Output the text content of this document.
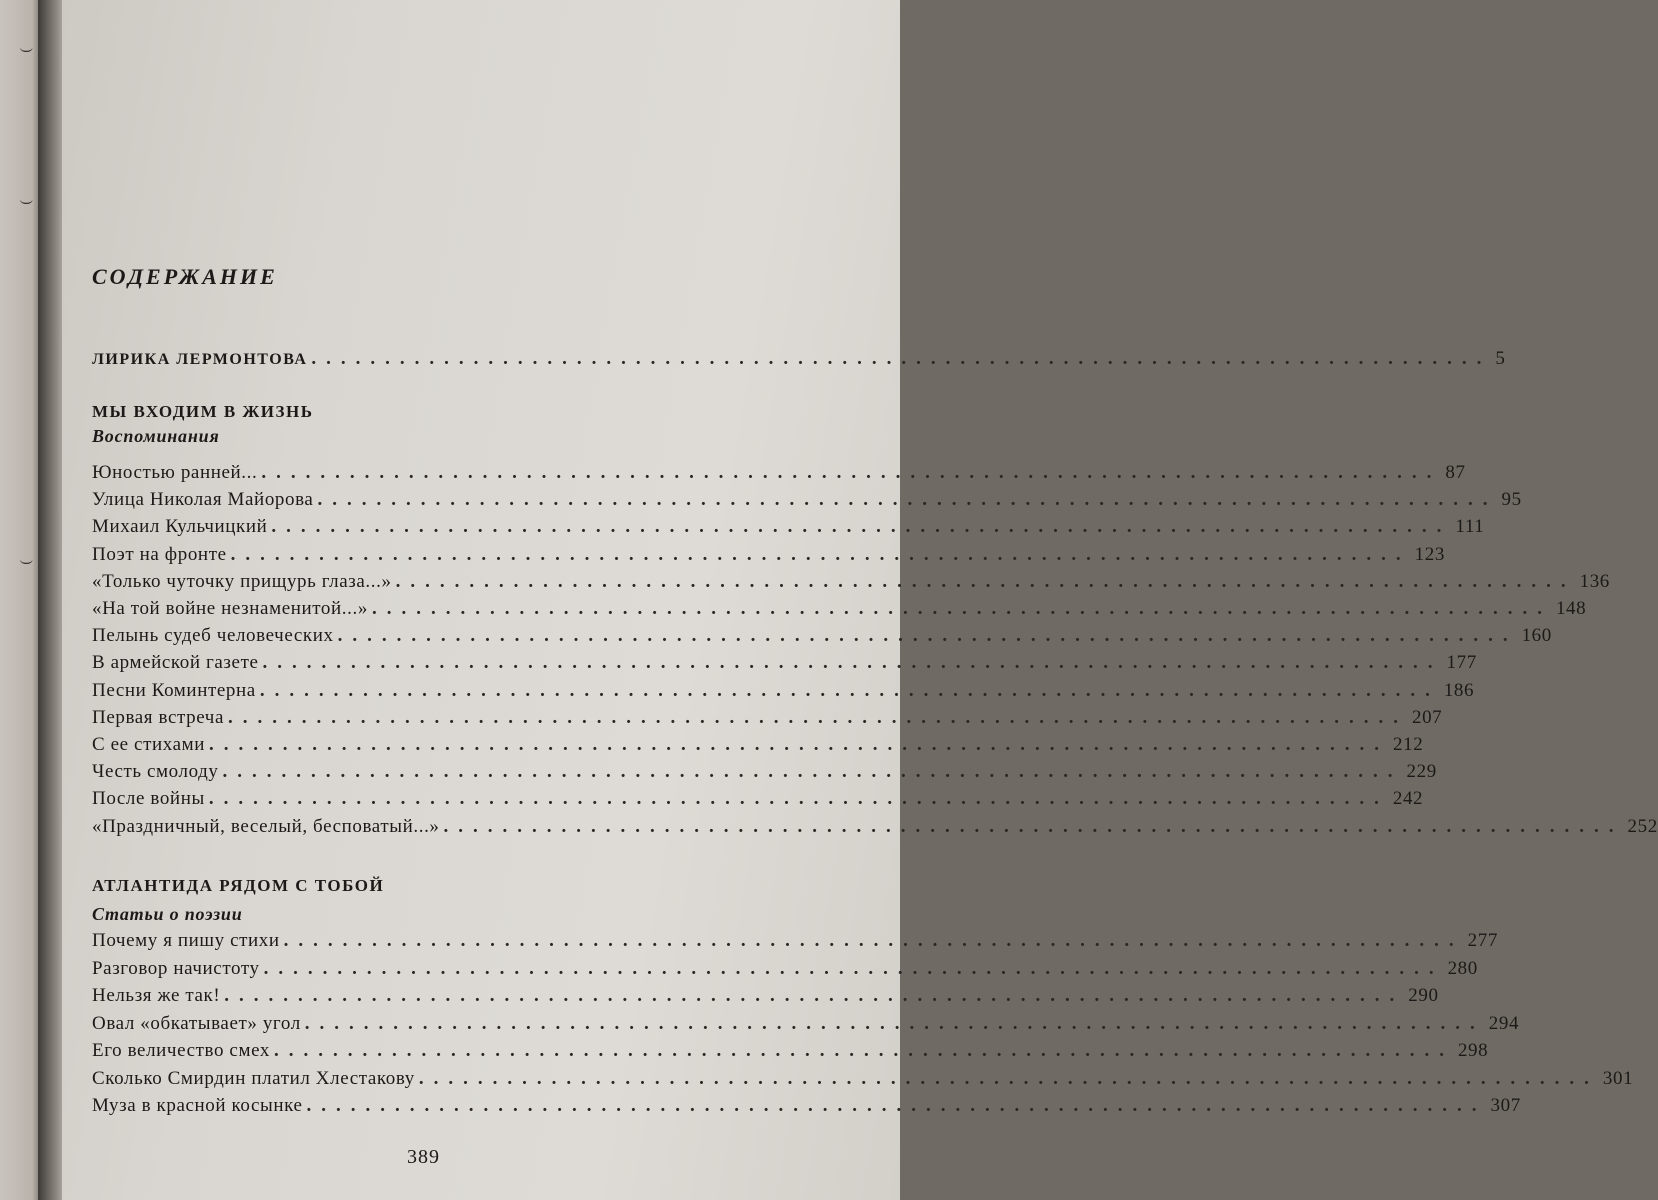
)
)
)
СОДЕРЖАНИЕ
ЛИРИКА ЛЕРМОНТОВА ................................................................................ 5
МЫ ВХОДИМ В ЖИЗНЬ
Воспоминания
Юностью ранней... ................................................................................ 87
Улица Николая Майорова ................................................................................ 95
Михаил Кульчицкий ................................................................................ 111
Поэт на фронте ................................................................................ 123
«Только чуточку прищурь глаза...» ................................................................................ 136
«На той войне незнаменитой...» ................................................................................ 148
Пелынь судеб человеческих ................................................................................ 160
В армейской газете ................................................................................ 177
Песни Коминтерна ................................................................................ 186
Первая встреча ................................................................................ 207
С ее стихами ................................................................................ 212
Честь смолоду ................................................................................ 229
После войны ................................................................................ 242
«Праздничный, веселый, бесповатый...» ................................................................................ 252
АТЛАНТИДА РЯДОМ С ТОБОЙ
Статьи о поэзии
Почему я пишу стихи ................................................................................ 277
Разговор начистоту ................................................................................ 280
Нельзя же так! ................................................................................ 290
Овал «обкатывает» угол ................................................................................ 294
Его величество смех ................................................................................ 298
Сколько Смирдин платил Хлестакову ................................................................................ 301
Муза в красной косынке ................................................................................ 307
389
